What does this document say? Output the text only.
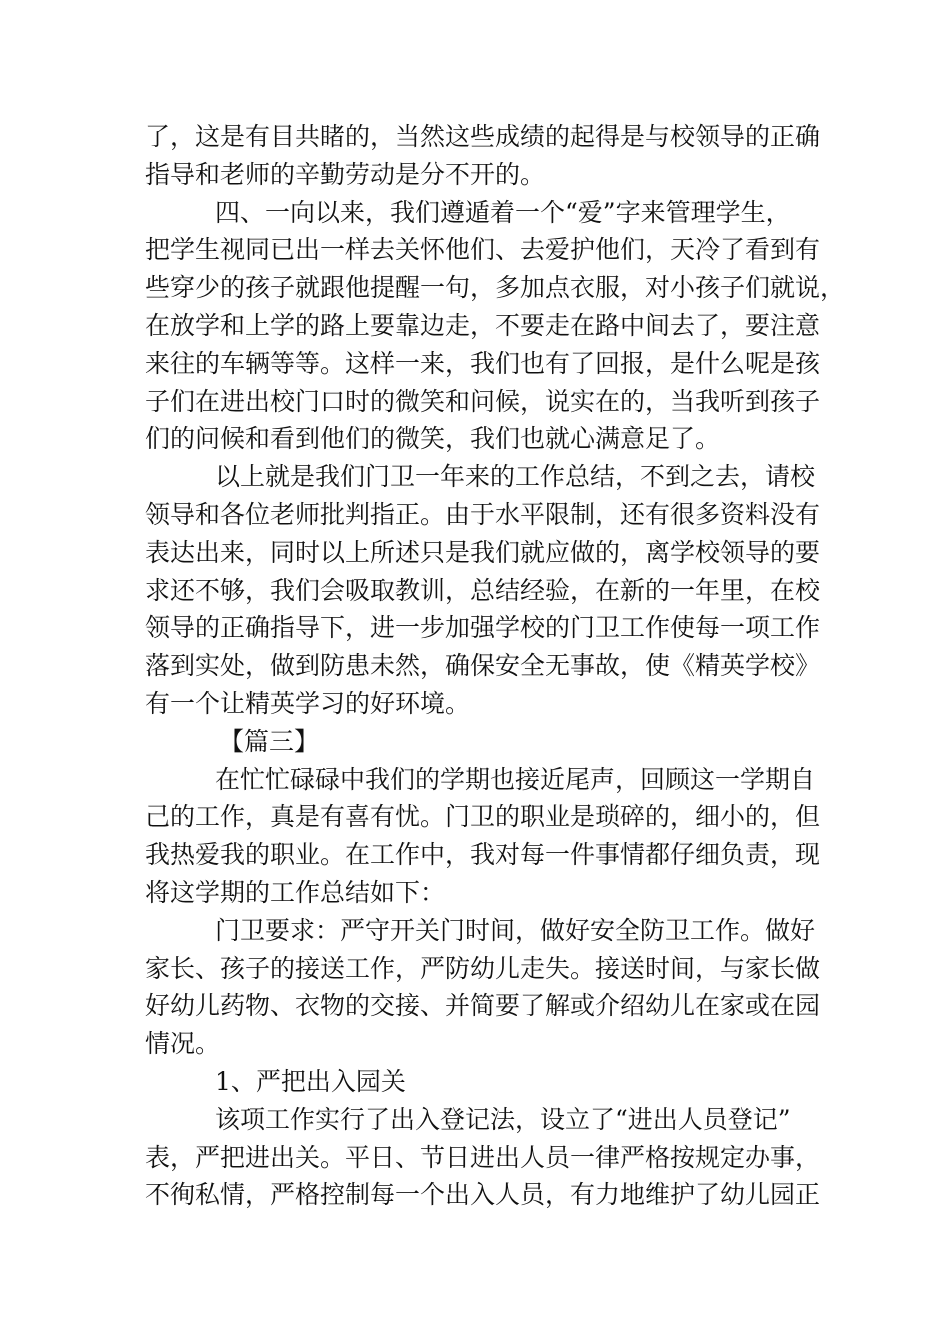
了，这是有目共睹的，当然这些成绩的起得是与校领导的正确
指导和老师的辛勤劳动是分不开的。
四、一向以来，我们遵遁着一个“爱”字来管理学生，
把学生视同已出一样去关怀他们、去爱护他们，天冷了看到有
些穿少的孩子就跟他提醒一句，多加点衣服，对小孩子们就说，
在放学和上学的路上要靠边走，不要走在路中间去了，要注意
来往的车辆等等。这样一来，我们也有了回报，是什么呢是孩
子们在进出校门口时的微笑和问候，说实在的，当我听到孩子
们的问候和看到他们的微笑，我们也就心满意足了。
以上就是我们门卫一年来的工作总结，不到之去，请校
领导和各位老师批判指正。由于水平限制，还有很多资料没有
表达出来，同时以上所述只是我们就应做的，离学校领导的要
求还不够，我们会吸取教训，总结经验，在新的一年里，在校
领导的正确指导下，进一步加强学校的门卫工作使每一项工作
落到实处，做到防患未然，确保安全无事故，使《精英学校》
有一个让精英学习的好环境。
【篇三】
在忙忙碌碌中我们的学期也接近尾声，回顾这一学期自
己的工作，真是有喜有忧。门卫的职业是琐碎的，细小的，但
我热爱我的职业。在工作中，我对每一件事情都仔细负责，现
将这学期的工作总结如下：
门卫要求：严守开关门时间，做好安全防卫工作。做好
家长、孩子的接送工作，严防幼儿走失。接送时间，与家长做
好幼儿药物、衣物的交接、并简要了解或介绍幼儿在家或在园
情况。
1、严把出入园关
该项工作实行了出入登记法，设立了“进出人员登记”
表，严把进出关。平日、节日进出人员一律严格按规定办事，
不徇私情，严格控制每一个出入人员，有力地维护了幼儿园正
